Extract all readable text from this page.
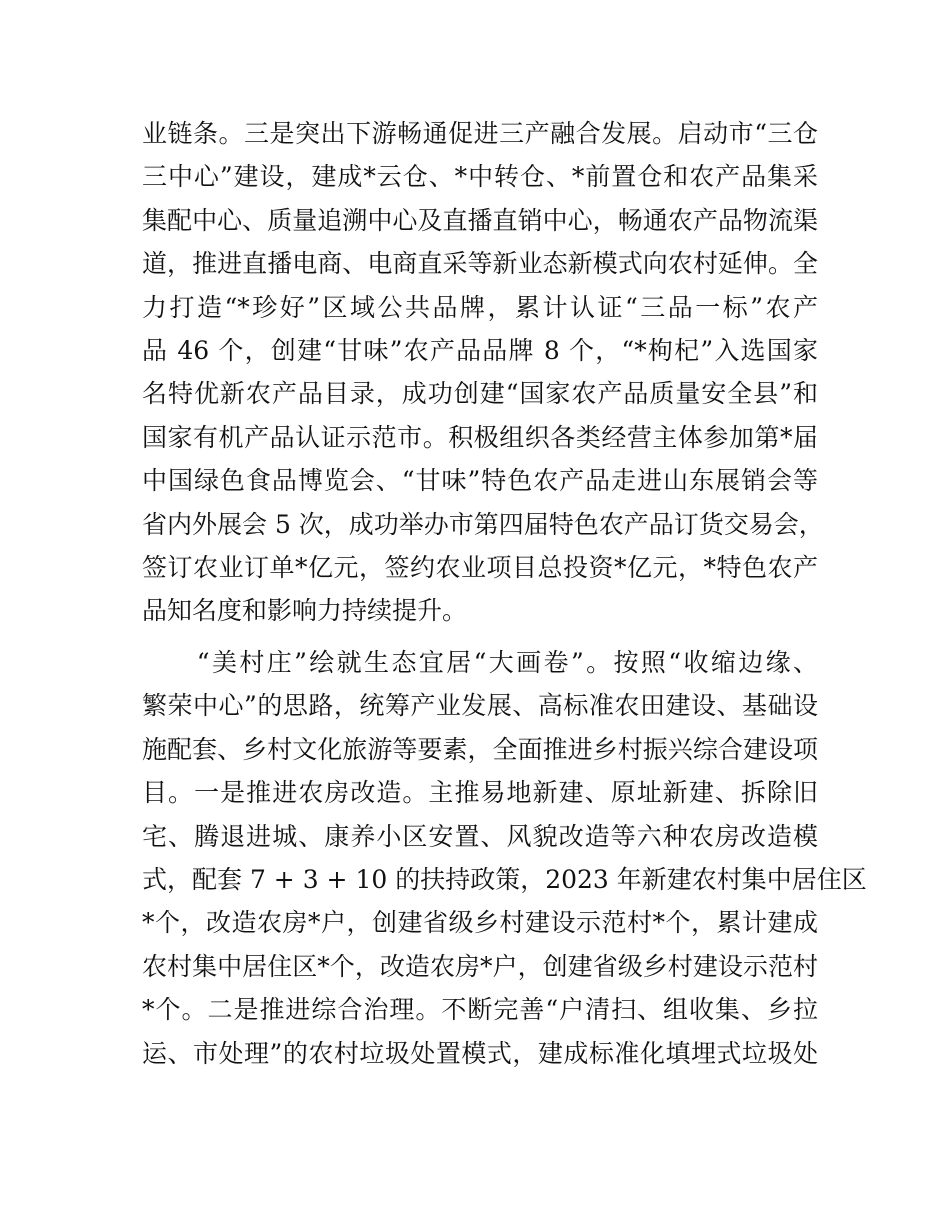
业链条。三是突出下游畅通促进三产融合发展。启动市“三仓
三中心”建设，建成*云仓、*中转仓、*前置仓和农产品集采
集配中心、质量追溯中心及直播直销中心，畅通农产品物流渠
道，推进直播电商、电商直采等新业态新模式向农村延伸。全
力打造“*珍好”区域公共品牌，累计认证“三品一标”农产
品 46 个，创建“甘味”农产品品牌 8 个，“*枸杞”入选国家
名特优新农产品目录，成功创建“国家农产品质量安全县”和
国家有机产品认证示范市。积极组织各类经营主体参加第*届
中国绿色食品博览会、“甘味”特色农产品走进山东展销会等
省内外展会 5 次，成功举办市第四届特色农产品订货交易会，
签订农业订单*亿元，签约农业项目总投资*亿元，*特色农产
品知名度和影响力持续提升。
　　“美村庄”绘就生态宜居“大画卷”。按照“收缩边缘、
繁荣中心”的思路，统筹产业发展、高标准农田建设、基础设
施配套、乡村文化旅游等要素，全面推进乡村振兴综合建设项
目。一是推进农房改造。主推易地新建、原址新建、拆除旧
宅、腾退进城、康养小区安置、风貌改造等六种农房改造模
式，配套 7 + 3 + 10 的扶持政策，2023 年新建农村集中居住区
*个，改造农房*户，创建省级乡村建设示范村*个，累计建成
农村集中居住区*个，改造农房*户，创建省级乡村建设示范村
*个。二是推进综合治理。不断完善“户清扫、组收集、乡拉
运、市处理”的农村垃圾处置模式，建成标准化填埋式垃圾处
